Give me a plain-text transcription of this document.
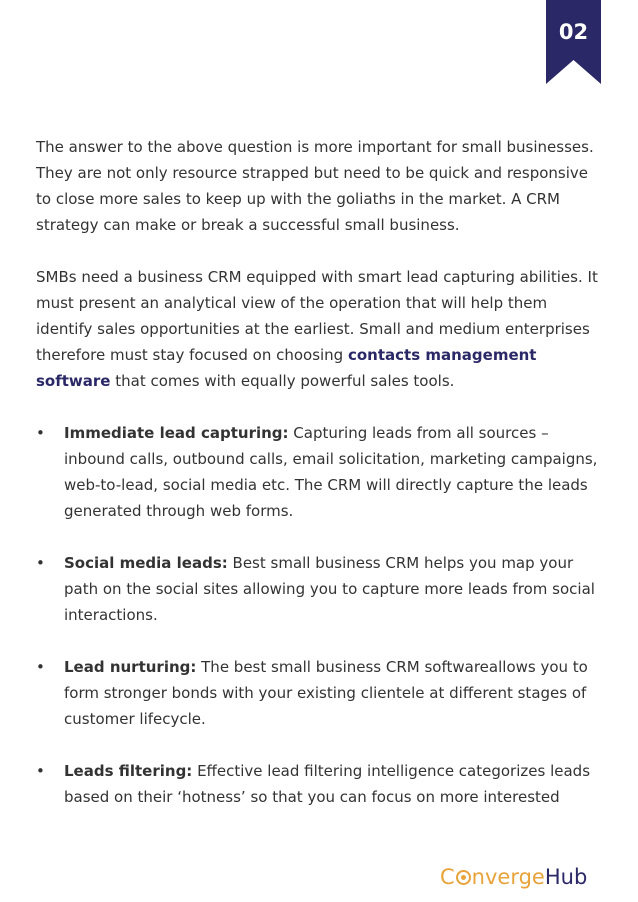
02

The answer to the above question is more important for small businesses. They are not only resource strapped but need to be quick and responsive to close more sales to keep up with the goliaths in the market. A CRM strategy can make or break a successful small business.

SMBs need a business CRM equipped with smart lead capturing abilities. It must present an analytical view of the operation that will help them identify sales opportunities at the earliest. Small and medium enterprises therefore must stay focused on choosing contacts management software that comes with equally powerful sales tools.

•	Immediate lead capturing: Capturing leads from all sources – inbound calls, outbound calls, email solicitation, marketing campaigns, web-to-lead, social media etc. The CRM will directly capture the leads generated through web forms.
•	Social media leads: Best small business CRM helps you map your path on the social sites allowing you to capture more leads from social interactions.
•	Lead nurturing: The best small business CRM softwareallows you to form stronger bonds with your existing clientele at different stages of customer lifecycle.
•	Leads filtering: Effective lead filtering intelligence categorizes leads based on their ‘hotness’ so that you can focus on more interested
C nvergeHub
